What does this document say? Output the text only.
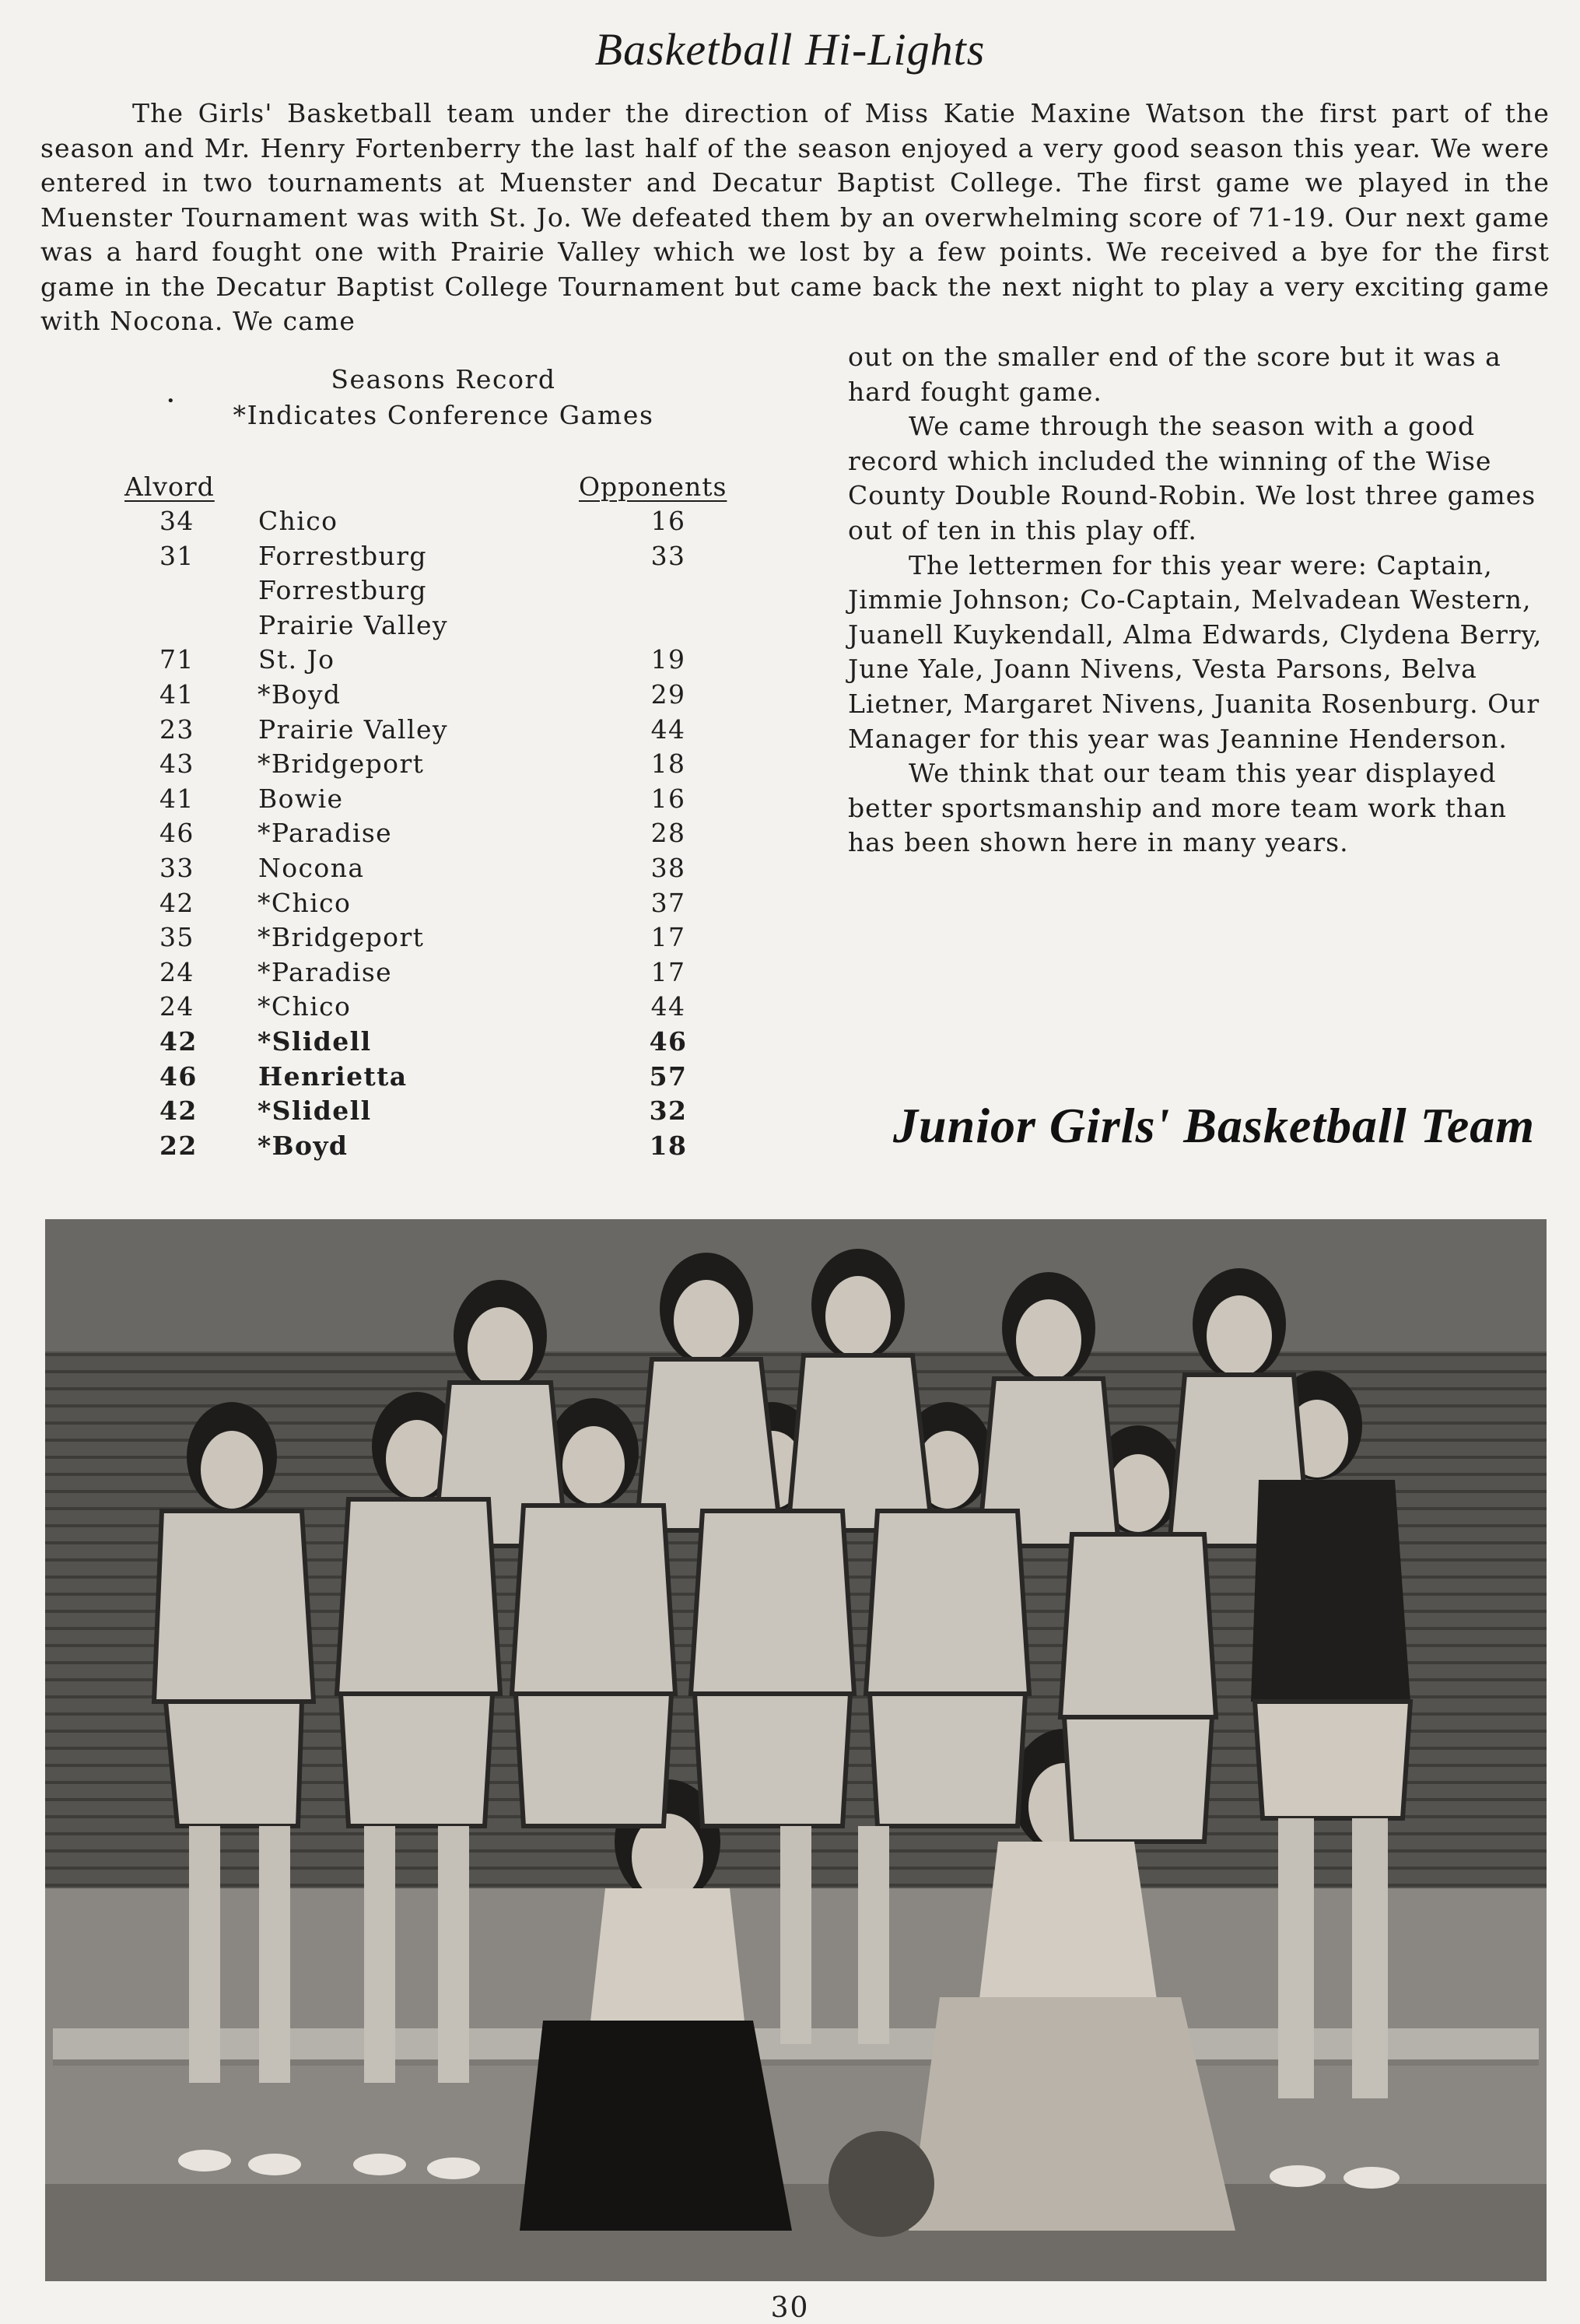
Basketball Hi-Lights

The Girls' Basketball team under the direction of Miss Katie Maxine Watson the first part of the season and Mr. Henry Fortenberry the last half of the season enjoyed a very good season this year. We were entered in two tournaments at Muenster and Decatur Baptist College. The first game we played in the Muenster Tournament was with St. Jo. We defeated them by an overwhelming score of 71-19. Our next game was a hard fought one with Prairie Valley which we lost by a few points. We received a bye for the first game in the Decatur Baptist College Tournament but came back the next night to play a very exciting game with Nocona. We came

•
Seasons Record
*Indicates Conference Games
Alvord	Opponents
34	Chico	16
31	Forrestburg	33
Forrestburg
Prairie Valley
71	St. Jo	19
41	*Boyd	29
23	Prairie Valley	44
43	*Bridgeport	18
41	Bowie	16
46	*Paradise	28
33	Nocona	38
42	*Chico	37
35	*Bridgeport	17
24	*Paradise	17
24	*Chico	44
42	*Slidell	46
46	Henrietta	57
42	*Slidell	32
22	*Boyd	18

out on the smaller end of the score but it was a hard fought game.

We came through the season with a good record which included the winning of the Wise County Double Round-Robin. We lost three games out of ten in this play off.

The lettermen for this year were: Captain, Jimmie Johnson; Co-Captain, Melvadean Western, Juanell Kuykendall, Alma Edwards, Clydena Berry, June Yale, Joann Nivens, Vesta Parsons, Belva Lietner, Margaret Nivens, Juanita Rosenburg. Our Manager for this year was Jeannine Henderson.

We think that our team this year displayed better sportsmanship and more team work than has been shown here in many years.

Junior Girls' Basketball Team
30
